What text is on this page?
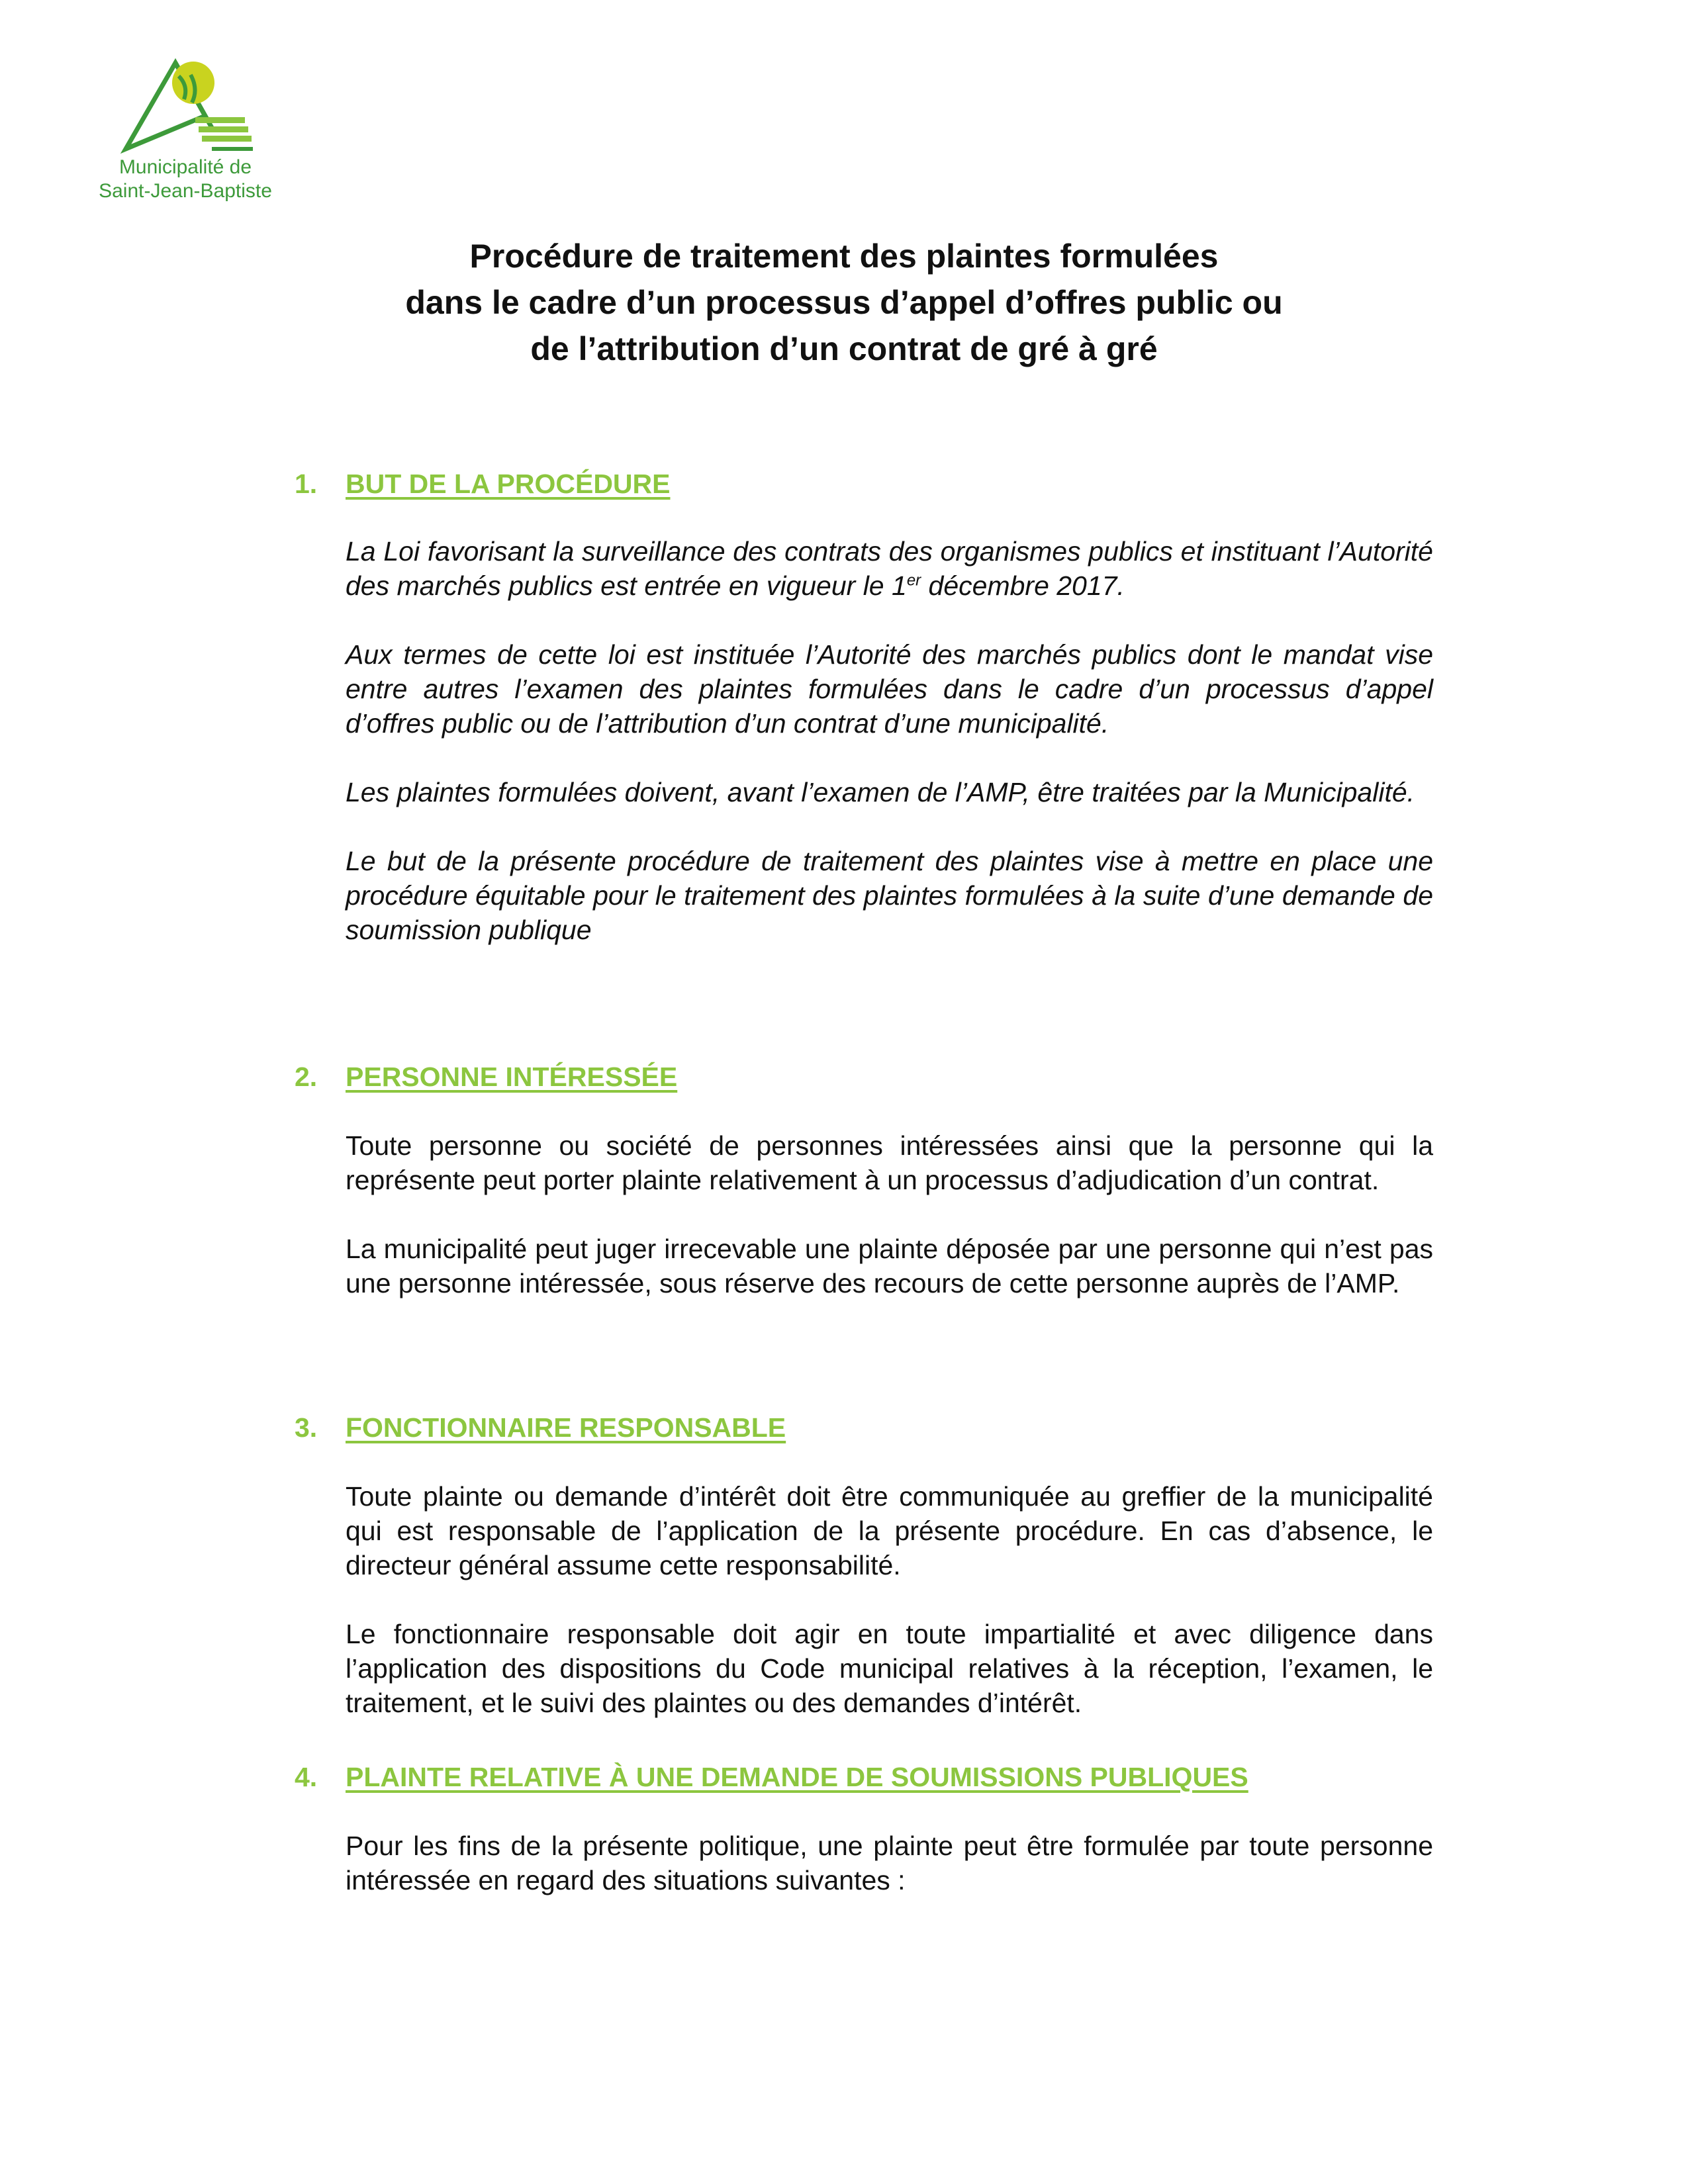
Municipalité de
Saint-Jean-Baptiste
Procédure de traitement des plaintes formulées
dans le cadre d’un processus d’appel d’offres public ou
de l’attribution d’un contrat de gré à gré
1.	BUT DE LA PROCÉDURE

La Loi favorisant la surveillance des contrats des organismes publics et instituant l’Autorité des marchés publics est entrée en vigueur le 1er décembre 2017.

Aux termes de cette loi est instituée l’Autorité des marchés publics dont le mandat vise entre autres l’examen des plaintes formulées dans le cadre d’un processus d’appel d’offres public ou de l’attribution d’un contrat d’une municipalité.

Les plaintes formulées doivent, avant l’examen de l’AMP, être traitées par la Municipalité.

Le but de la présente procédure de traitement des plaintes vise à mettre en place une procédure équitable pour le traitement des plaintes formulées à la suite d’une demande de soumission publique

2.	PERSONNE INTÉRESSÉE

Toute personne ou société de personnes intéressées ainsi que la personne qui la représente peut porter plainte relativement à un processus d’adjudication d’un contrat.

La municipalité peut juger irrecevable une plainte déposée par une personne qui n’est pas une personne intéressée, sous réserve des recours de cette personne auprès de l’AMP.

3.	FONCTIONNAIRE RESPONSABLE

Toute plainte ou demande d’intérêt doit être communiquée au greffier de la municipalité qui est responsable de l’application de la présente procédure. En cas d’absence, le directeur général assume cette responsabilité.

Le fonctionnaire responsable doit agir en toute impartialité et avec diligence dans l’application des dispositions du Code municipal relatives à la réception, l’examen, le traitement, et le suivi des plaintes ou des demandes d’intérêt.

4.	PLAINTE RELATIVE À UNE DEMANDE DE SOUMISSIONS PUBLIQUES

Pour les fins de la présente politique, une plainte peut être formulée par toute personne intéressée en regard des situations suivantes :
